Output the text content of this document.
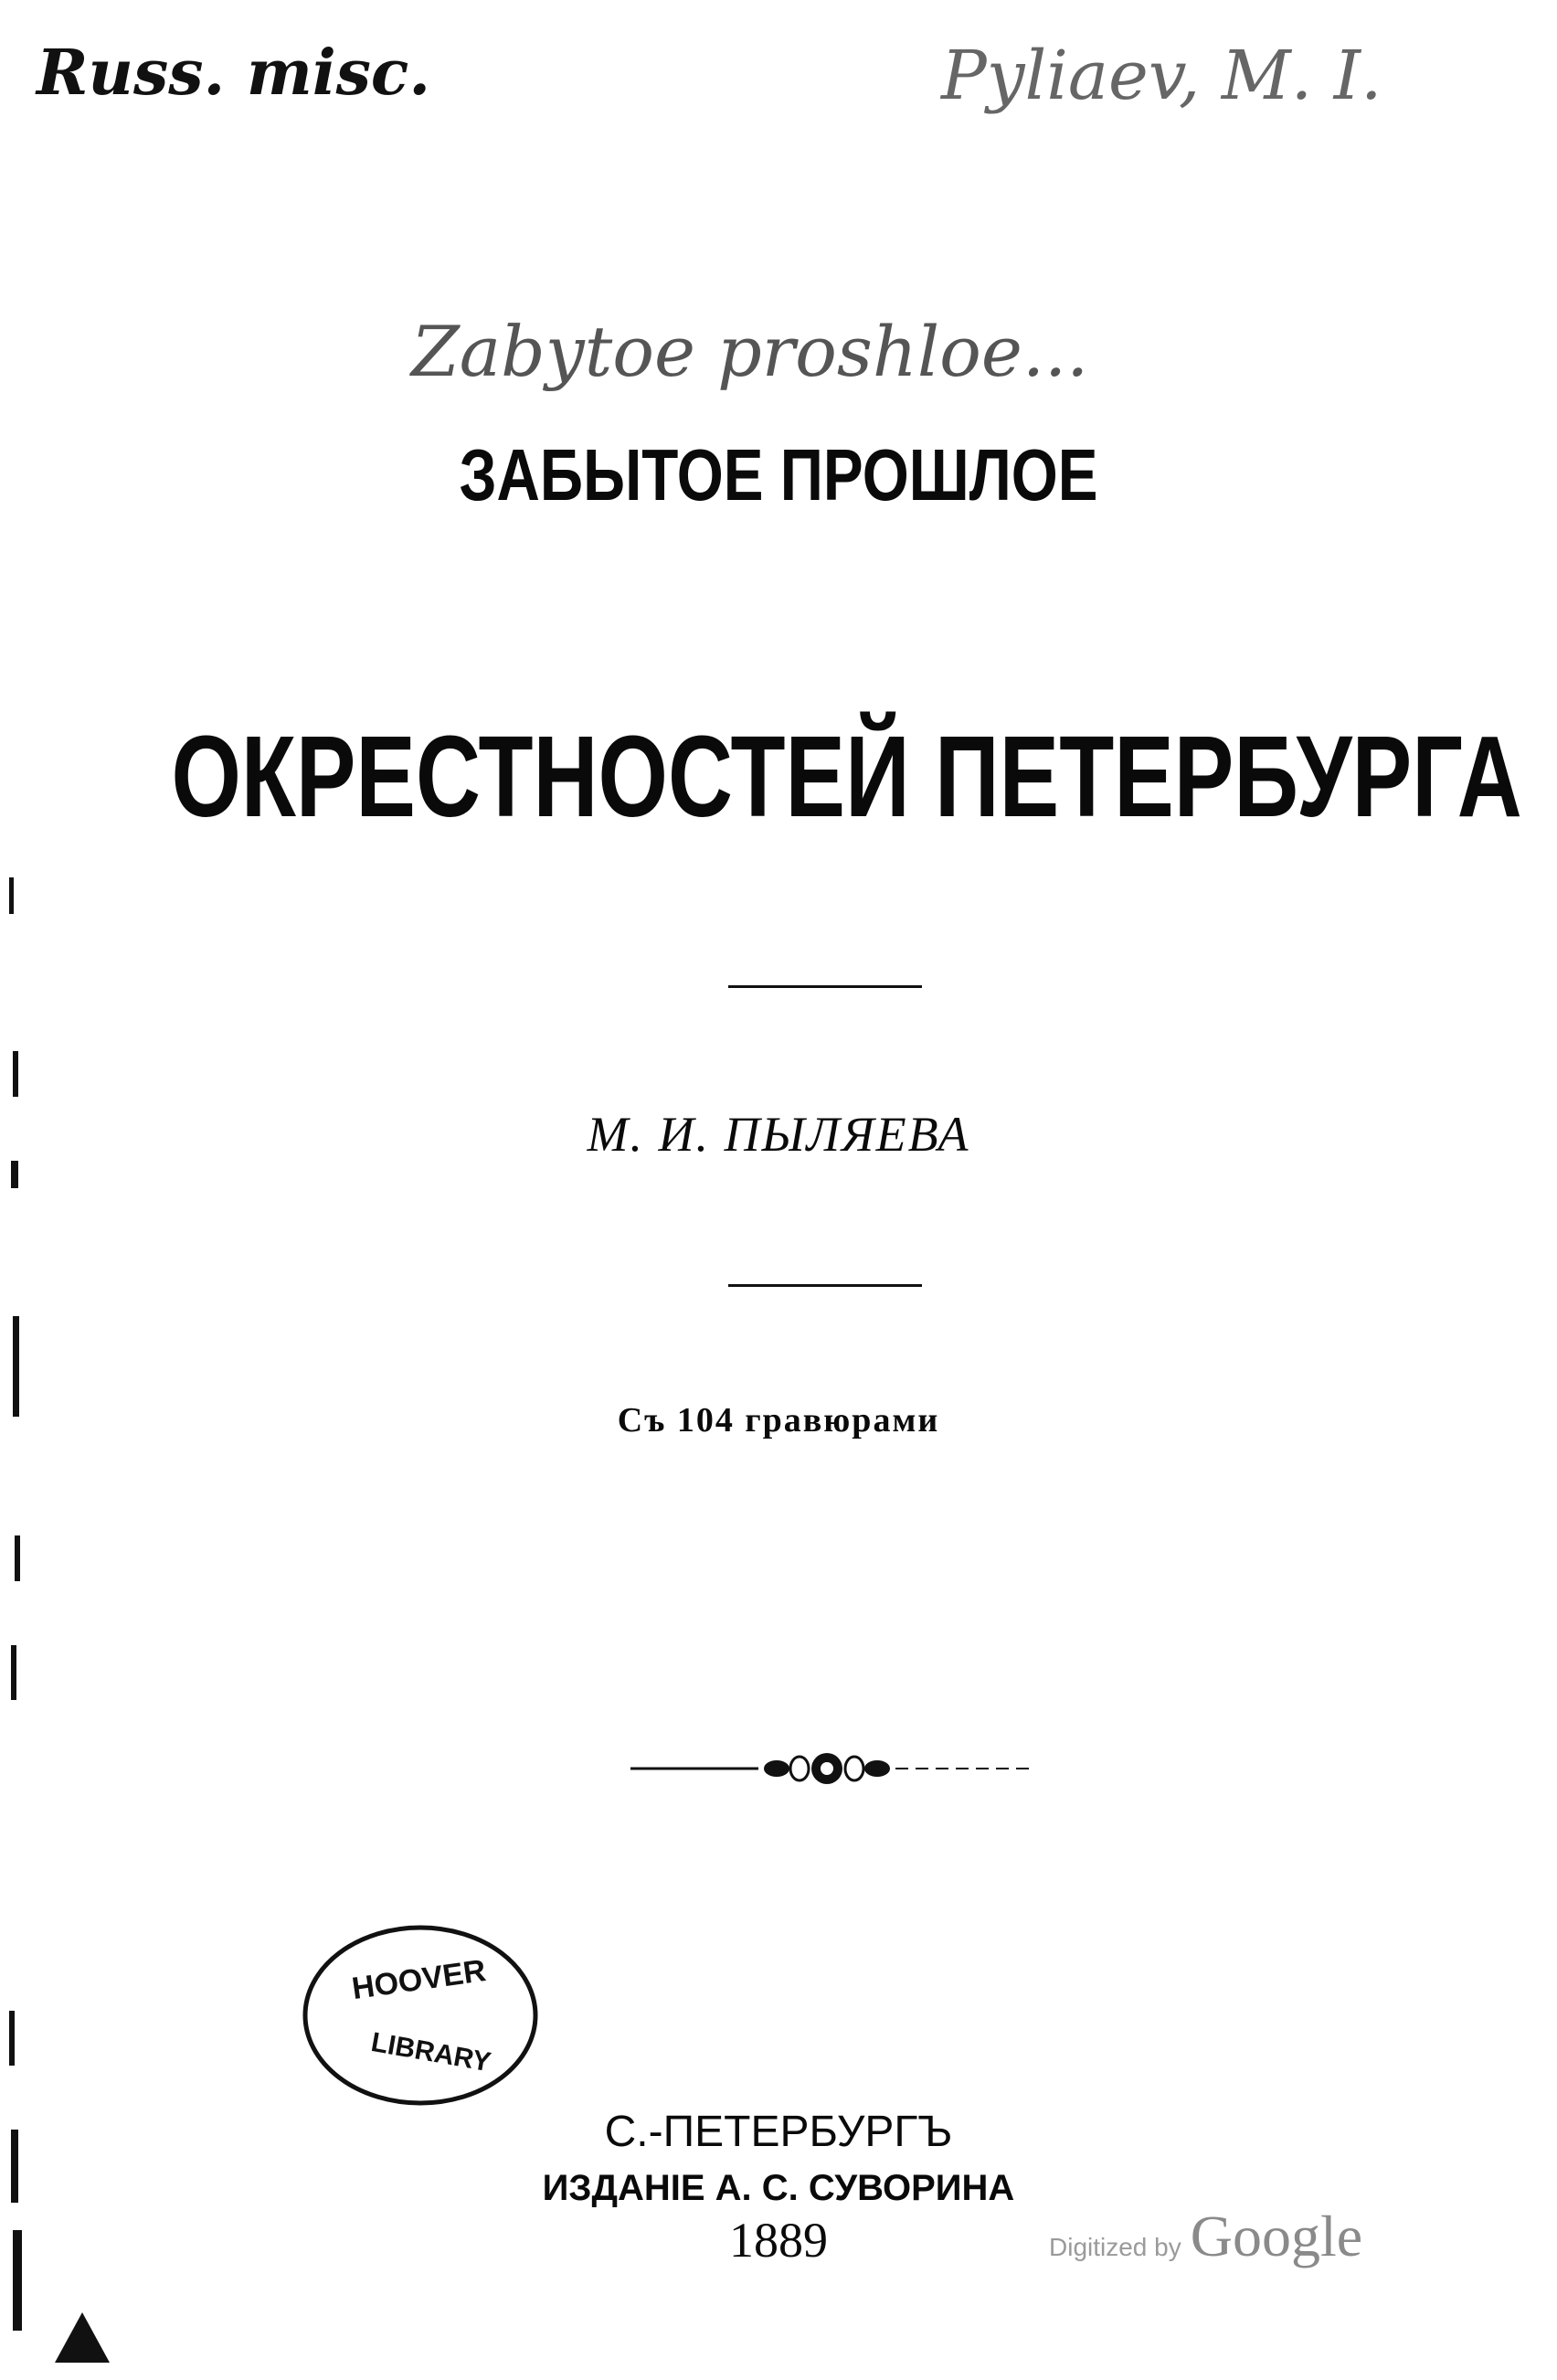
Russ. misc.	Pyliaev, M. I.
Zabytoe proshloe...
ЗАБЫТОЕ ПРОШЛОЕ
ОКРЕСТНОСТЕЙ ПЕТЕРБУРГА
М. И. ПЫЛЯЕВА
Съ 104 гравюрами
HOOVER
LIBRARY
С.-ПЕТЕРБУРГЪ
ИЗДАНІЕ А. С. СУВОРИНА
1889	Digitized by Google
